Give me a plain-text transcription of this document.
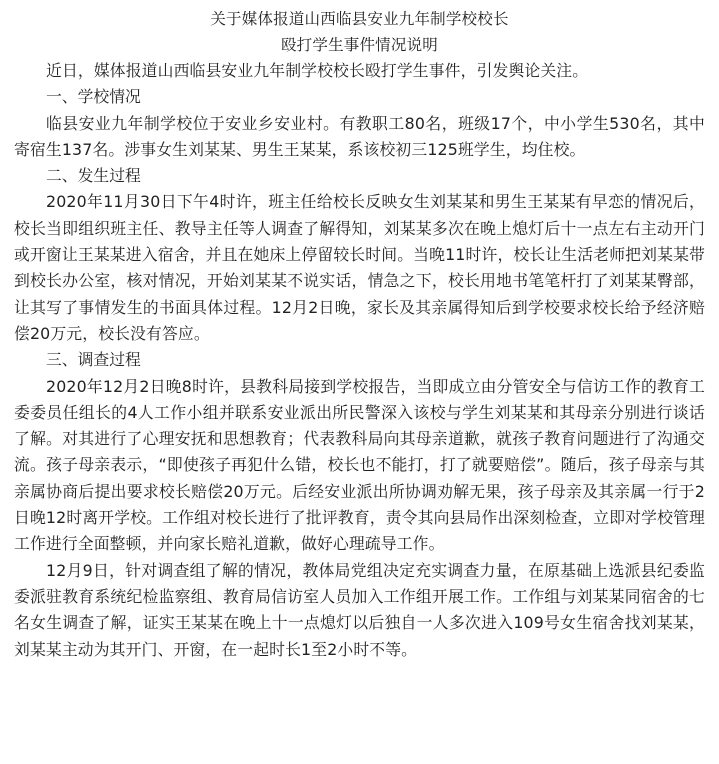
关于媒体报道山西临县安业九年制学校校长

殴打学生事件情况说明

近日，媒体报道山西临县安业九年制学校校长殴打学生事件，引发舆论关注。

一、学校情况

临县安业九年制学校位于安业乡安业村。有教职工80名，班级17个，中小学生530名，其中寄宿生137名。涉事女生刘某某、男生王某某，系该校初三125班学生，均住校。

二、发生过程

2020年11月30日下午4时许，班主任给校长反映女生刘某某和男生王某某有早恋的情况后，校长当即组织班主任、教导主任等人调查了解得知，刘某某多次在晚上熄灯后十一点左右主动开门或开窗让王某某进入宿舍，并且在她床上停留较长时间。当晚11时许，校长让生活老师把刘某某带到校长办公室，核对情况，开始刘某某不说实话，情急之下，校长用地书笔笔杆打了刘某某臀部，让其写了事情发生的书面具体过程。12月2日晚，家长及其亲属得知后到学校要求校长给予经济赔偿20万元，校长没有答应。

三、调查过程

2020年12月2日晚8时许，县教科局接到学校报告，当即成立由分管安全与信访工作的教育工委委员任组长的4人工作小组并联系安业派出所民警深入该校与学生刘某某和其母亲分别进行谈话了解。对其进行了心理安抚和思想教育；代表教科局向其母亲道歉，就孩子教育问题进行了沟通交流。孩子母亲表示，“即使孩子再犯什么错，校长也不能打，打了就要赔偿”。随后，孩子母亲与其亲属协商后提出要求校长赔偿20万元。后经安业派出所协调劝解无果，孩子母亲及其亲属一行于2日晚12时离开学校。工作组对校长进行了批评教育，责令其向县局作出深刻检查，立即对学校管理工作进行全面整顿，并向家长赔礼道歉，做好心理疏导工作。

12月9日，针对调查组了解的情况，教体局党组决定充实调查力量，在原基础上选派县纪委监委派驻教育系统纪检监察组、教育局信访室人员加入工作组开展工作。工作组与刘某某同宿舍的七名女生调查了解，证实王某某在晚上十一点熄灯以后独自一人多次进入109号女生宿舍找刘某某，刘某某主动为其开门、开窗，在一起时长1至2小时不等。
